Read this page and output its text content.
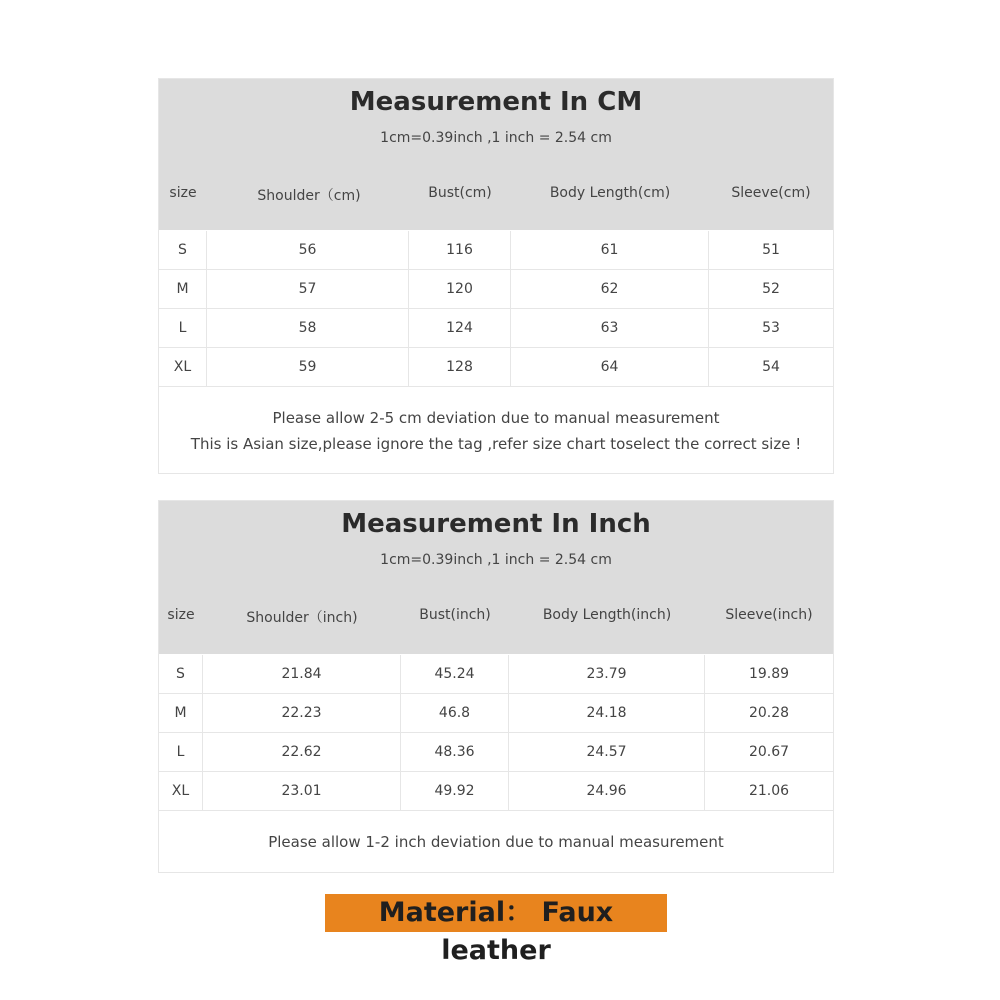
Measurement In CM
1cm=0.39inch ,1 inch = 2.54 cm
size	Shoulder（cm)	Bust(cm)	Body Length(cm)	Sleeve(cm)
S	56	116	61	51
M	57	120	62	52
L	58	124	63	53
XL	59	128	64	54
Please allow 2-5 cm deviation due to manual measurement
This is Asian size,please ignore the tag ,refer size chart toselect the correct size !
Measurement In Inch
1cm=0.39inch ,1 inch = 2.54 cm
size	Shoulder（inch)	Bust(inch)	Body Length(inch)	Sleeve(inch)
S	21.84	45.24	23.79	19.89
M	22.23	46.8	24.18	20.28
L	22.62	48.36	24.57	20.67
XL	23.01	49.92	24.96	21.06
Please allow 1-2 inch deviation due to manual measurement
Material： Faux leather
